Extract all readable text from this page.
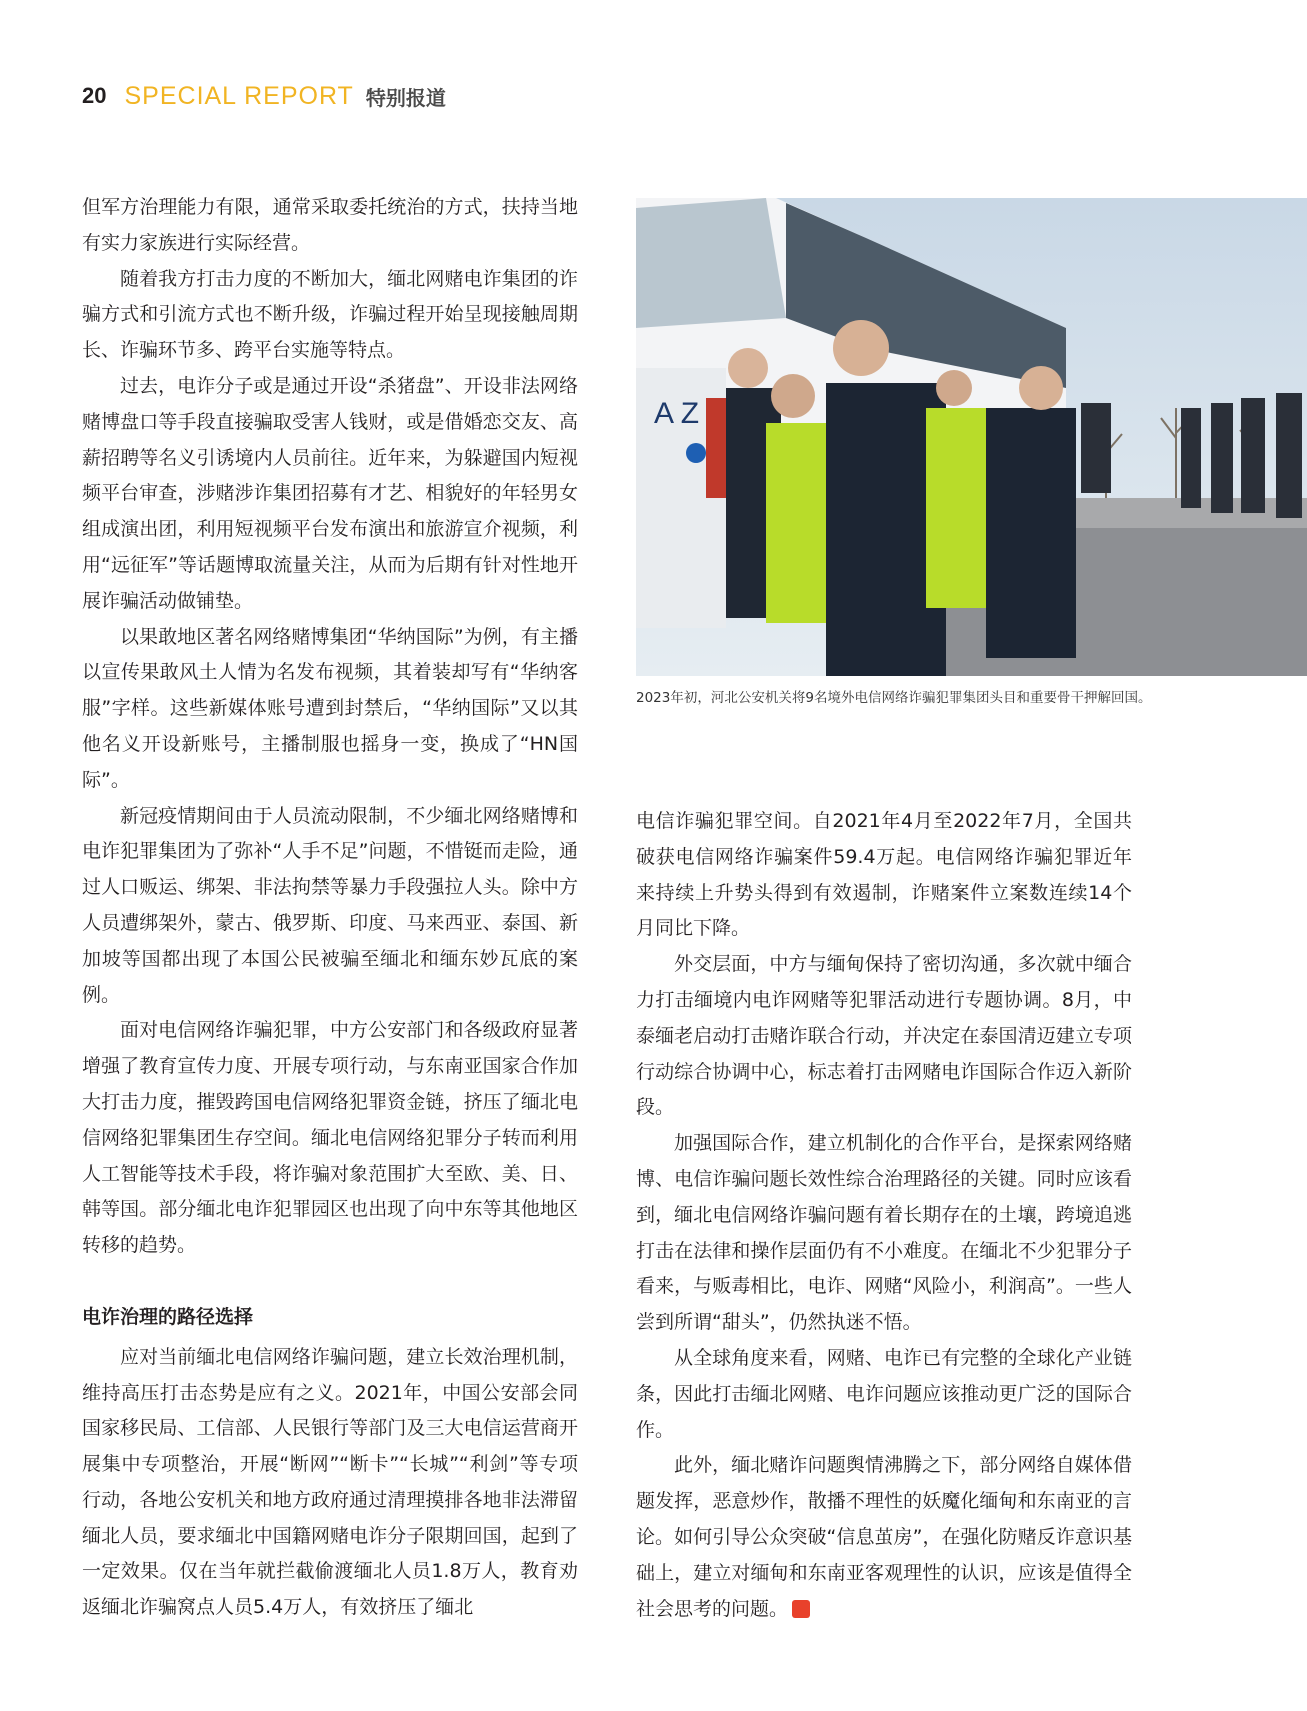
20 SPECIAL REPORT 特别报道

但军方治理能力有限，通常采取委托统治的方式，扶持当地有实力家族进行实际经营。

随着我方打击力度的不断加大，缅北网赌电诈集团的诈骗方式和引流方式也不断升级，诈骗过程开始呈现接触周期长、诈骗环节多、跨平台实施等特点。

过去，电诈分子或是通过开设“杀猪盘”、开设非法网络赌博盘口等手段直接骗取受害人钱财，或是借婚恋交友、高薪招聘等名义引诱境内人员前往。近年来，为躲避国内短视频平台审查，涉赌涉诈集团招募有才艺、相貌好的年轻男女组成演出团，利用短视频平台发布演出和旅游宣介视频，利用“远征军”等话题博取流量关注，从而为后期有针对性地开展诈骗活动做铺垫。

以果敢地区著名网络赌博集团“华纳国际”为例，有主播以宣传果敢风土人情为名发布视频，其着装却写有“华纳客服”字样。这些新媒体账号遭到封禁后，“华纳国际”又以其他名义开设新账号，主播制服也摇身一变，换成了“HN国际”。

新冠疫情期间由于人员流动限制，不少缅北网络赌博和电诈犯罪集团为了弥补“人手不足”问题，不惜铤而走险，通过人口贩运、绑架、非法拘禁等暴力手段强拉人头。除中方人员遭绑架外，蒙古、俄罗斯、印度、马来西亚、泰国、新加坡等国都出现了本国公民被骗至缅北和缅东妙瓦底的案例。

面对电信网络诈骗犯罪，中方公安部门和各级政府显著增强了教育宣传力度、开展专项行动，与东南亚国家合作加大打击力度，摧毁跨国电信网络犯罪资金链，挤压了缅北电信网络犯罪集团生存空间。缅北电信网络犯罪分子转而利用人工智能等技术手段，将诈骗对象范围扩大至欧、美、日、韩等国。部分缅北电诈犯罪园区也出现了向中东等其他地区转移的趋势。

电诈治理的路径选择

应对当前缅北电信网络诈骗问题，建立长效治理机制，维持高压打击态势是应有之义。2021年，中国公安部会同国家移民局、工信部、人民银行等部门及三大电信运营商开展集中专项整治，开展“断网”“断卡”“长城”“利剑”等专项行动，各地公安机关和地方政府通过清理摸排各地非法滞留缅北人员，要求缅北中国籍网赌电诈分子限期回国，起到了一定效果。仅在当年就拦截偷渡缅北人员1.8万人，教育劝返缅北诈骗窝点人员5.4万人，有效挤压了缅北

A Z
2023年初，河北公安机关将9名境外电信网络诈骗犯罪集团头目和重要骨干押解回国。

电信诈骗犯罪空间。自2021年4月至2022年7月，全国共破获电信网络诈骗案件59.4万起。电信网络诈骗犯罪近年来持续上升势头得到有效遏制，诈赌案件立案数连续14个月同比下降。

外交层面，中方与缅甸保持了密切沟通，多次就中缅合力打击缅境内电诈网赌等犯罪活动进行专题协调。8月，中泰缅老启动打击赌诈联合行动，并决定在泰国清迈建立专项行动综合协调中心，标志着打击网赌电诈国际合作迈入新阶段。

加强国际合作，建立机制化的合作平台，是探索网络赌博、电信诈骗问题长效性综合治理路径的关键。同时应该看到，缅北电信网络诈骗问题有着长期存在的土壤，跨境追逃打击在法律和操作层面仍有不小难度。在缅北不少犯罪分子看来，与贩毒相比，电诈、网赌“风险小，利润高”。一些人尝到所谓“甜头”，仍然执迷不悟。

从全球角度来看，网赌、电诈已有完整的全球化产业链条，因此打击缅北网赌、电诈问题应该推动更广泛的国际合作。

此外，缅北赌诈问题舆情沸腾之下，部分网络自媒体借题发挥，恶意炒作，散播不理性的妖魔化缅甸和东南亚的言论。如何引导公众突破“信息茧房”，在强化防赌反诈意识基础上，建立对缅甸和东南亚客观理性的认识，应该是值得全社会思考的问题。	G
